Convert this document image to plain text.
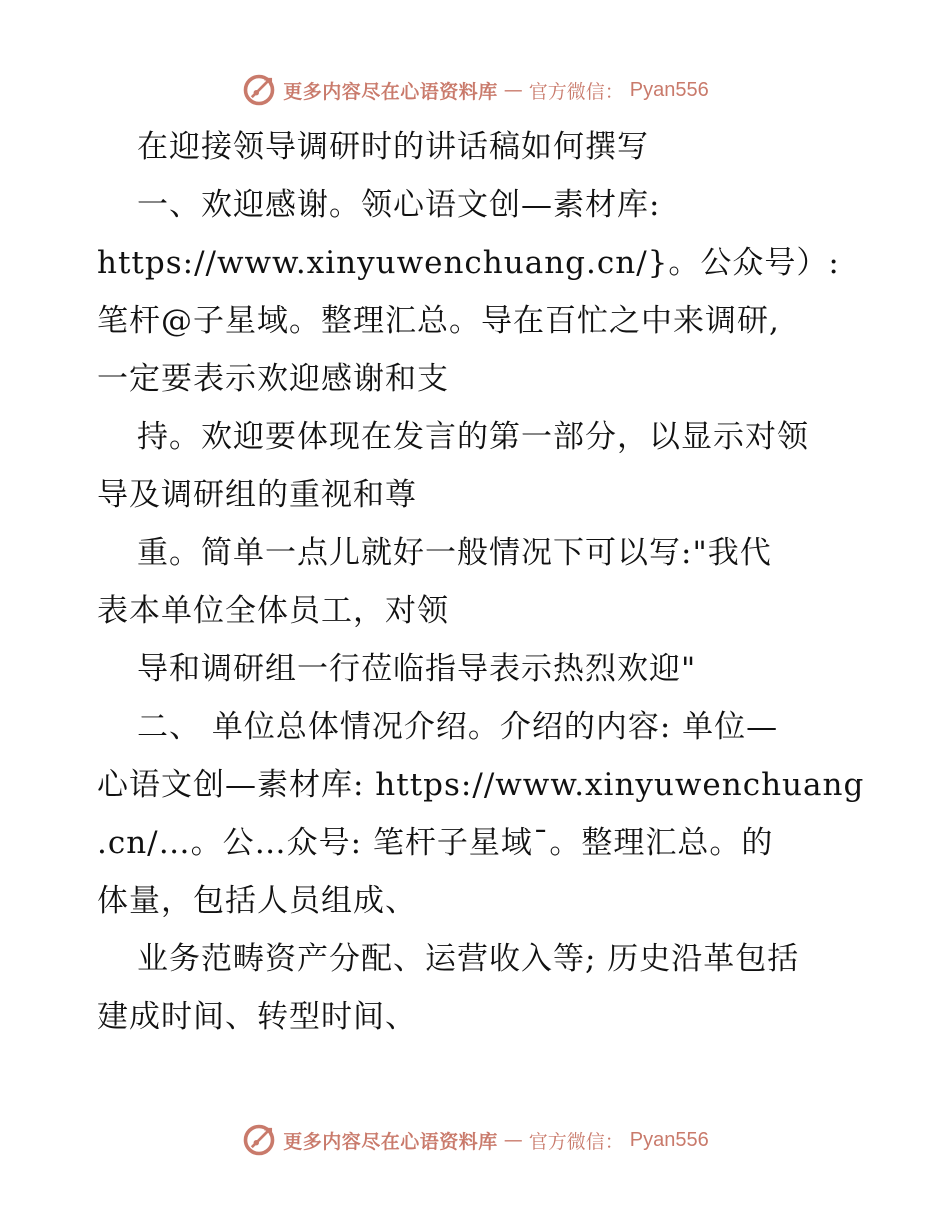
更多内容尽在心语资料库 — 官方微信： Pyan556
在迎接领导调研时的讲话稿如何撰写
一、欢迎感谢。领心语文创—素材库:
https://www.xinyuwenchuang.cn/}。公众号）:
笔杆@子星域。整理汇总。导在百忙之中来调研,
一定要表示欢迎感谢和支
持。欢迎要体现在发言的第一部分，以显示对领
导及调研组的重视和尊
重。简单一点儿就好一般情况下可以写:"我代
表本单位全体员工，对领
导和调研组一行莅临指导表示热烈欢迎"
二、 单位总体情况介绍。介绍的内容: 单位—
心语文创—素材库: https://www.xinyuwenchuang
.cn/…。公…众号: 笔杆子星域¯。整理汇总。的
体量，包括人员组成、
业务范畴资产分配、运营收入等; 历史沿革包括
建成时间、转型时间、
更多内容尽在心语资料库 — 官方微信： Pyan556
